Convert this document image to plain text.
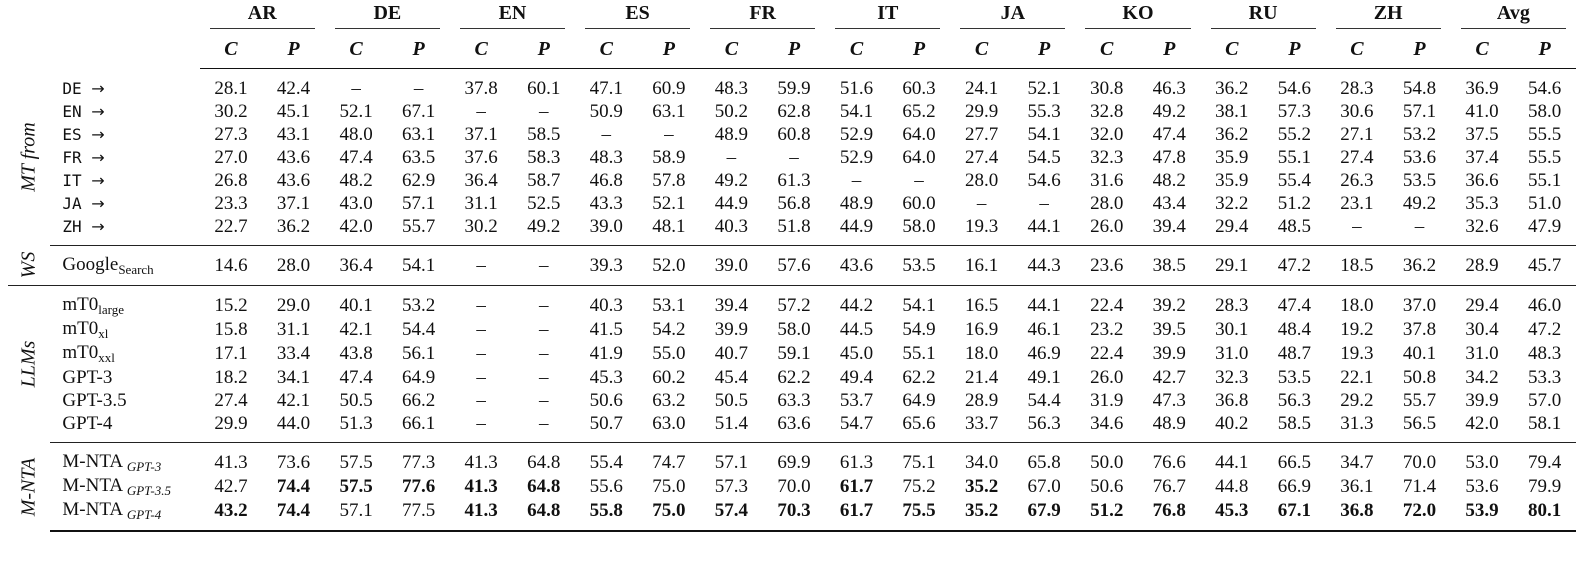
		AR		DE		EN		ES		FR		IT		JA		KO		RU		ZH		Avg	

		C	P	C	P	C	P	C	P	C	P	C	P	C	P	C	P	C	P	C	P	C	P

MT from	DE →	28.1	42.4	–	–	37.8	60.1	47.1	60.9	48.3	59.9	51.6	60.3	24.1	52.1	30.8	46.3	36.2	54.6	28.3	54.8	36.9	54.6
	EN →	30.2	45.1	52.1	67.1	–	–	50.9	63.1	50.2	62.8	54.1	65.2	29.9	55.3	32.8	49.2	38.1	57.3	30.6	57.1	41.0	58.0
	ES →	27.3	43.1	48.0	63.1	37.1	58.5	–	–	48.9	60.8	52.9	64.0	27.7	54.1	32.0	47.4	36.2	55.2	27.1	53.2	37.5	55.5
	FR →	27.0	43.6	47.4	63.5	37.6	58.3	48.3	58.9	–	–	52.9	64.0	27.4	54.5	32.3	47.8	35.9	55.1	27.4	53.6	37.4	55.5
	IT →	26.8	43.6	48.2	62.9	36.4	58.7	46.8	57.8	49.2	61.3	–	–	28.0	54.6	31.6	48.2	35.9	55.4	26.3	53.5	36.6	55.1
	JA →	23.3	37.1	43.0	57.1	31.1	52.5	43.3	52.1	44.9	56.8	48.9	60.0	–	–	28.0	43.4	32.2	51.2	23.1	49.2	35.3	51.0
	ZH →	22.7	36.2	42.0	55.7	30.2	49.2	39.0	48.1	40.3	51.8	44.9	58.0	19.3	44.1	26.0	39.4	29.4	48.5	–	–	32.6	47.9

WS	Google$_{Search}$	14.6	28.0	36.4	54.1	–	–	39.3	52.0	39.0	57.6	43.6	53.5	16.1	44.3	23.6	38.5	29.1	47.2	18.5	36.2	28.9	45.7

LLMs	$mT0_{large}$	15.2	29.0	40.1	53.2	–	–	40.3	53.1	39.4	57.2	44.2	54.1	16.5	44.1	22.4	39.2	28.3	47.4	18.0	37.0	29.4	46.0
	$mT0_{xl}$	15.8	31.1	42.1	54.4	–	–	41.5	54.2	39.9	58.0	44.5	54.9	16.9	46.1	23.2	39.5	30.1	48.4	19.2	37.8	30.4	47.2
	$mT0_{xxl}$	17.1	33.4	43.8	56.1	–	–	41.9	55.0	40.7	59.1	45.0	55.1	18.0	46.9	22.4	39.9	31.0	48.7	19.3	40.1	31.0	48.3
	GPT-3	18.2	34.1	47.4	64.9	–	–	45.3	60.2	45.4	62.2	49.4	62.2	21.4	49.1	26.0	42.7	32.3	53.5	22.1	50.8	34.2	53.3
	GPT-3.5	27.4	42.1	50.5	66.2	–	–	50.6	63.2	50.5	63.3	53.7	64.9	28.9	54.4	31.9	47.3	36.8	56.3	29.2	55.7	39.9	57.0
	GPT-4	29.9	44.0	51.3	66.1	–	–	50.7	63.0	51.4	63.6	54.7	65.6	33.7	56.3	34.6	48.9	40.2	58.5	31.3	56.5	42.0	58.1

M-NTA	M-NTA $_{GPT-3}$	41.3	73.6	57.5	77.3	41.3	64.8	55.4	74.7	57.1	69.9	61.3	75.1	34.0	65.8	50.0	76.6	44.1	66.5	34.7	70.0	53.0	79.4
	M-NTA $_{GPT-3.5}$	42.7	74.4	57.5	77.6	41.3	64.8	55.6	75.0	57.3	70.0	61.7	75.2	35.2	67.0	50.6	76.7	44.8	66.9	36.1	71.4	53.6	79.9
	M-NTA $_{GPT-4}$	43.2	74.4	57.1	77.5	41.3	64.8	55.8	75.0	57.4	70.3	61.7	75.5	35.2	67.9	51.2	76.8	45.3	67.1	36.8	72.0	53.9	80.1
